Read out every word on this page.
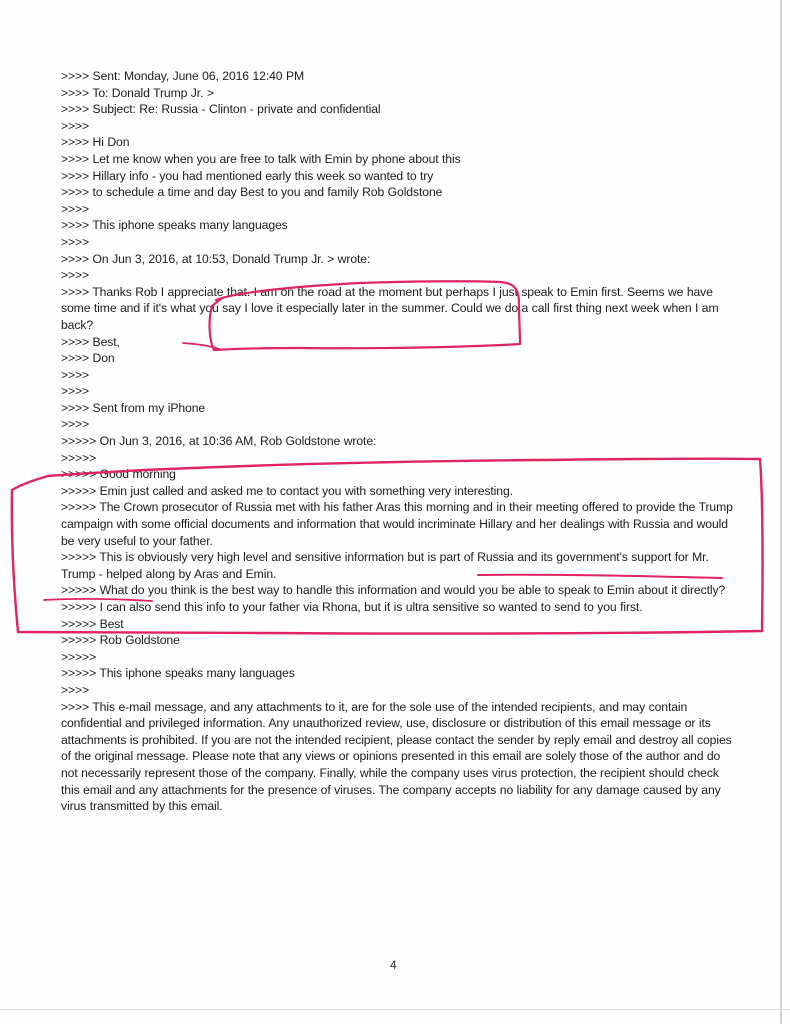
>>>> Sent: Monday, June 06, 2016 12:40 PM
>>>> To: Donald Trump Jr. >
>>>> Subject: Re: Russia - Clinton - private and confidential
>>>>
>>>> Hi Don
>>>> Let me know when you are free to talk with Emin by phone about this
>>>> Hillary info - you had mentioned early this week so wanted to try
>>>> to schedule a time and day Best to you and family Rob Goldstone
>>>>
>>>> This iphone speaks many languages
>>>>
>>>> On Jun 3, 2016, at 10:53, Donald Trump Jr. > wrote:
>>>>
>>>> Thanks Rob I appreciate that. I am on the road at the moment but perhaps I just speak to Emin first. Seems we have some time and if it's what you say I love it especially later in the summer. Could we do a call first thing next week when I am back?
>>>> Best,
>>>> Don
>>>>
>>>>
>>>> Sent from my iPhone
>>>>
>>>>> On Jun 3, 2016, at 10:36 AM, Rob Goldstone wrote:
>>>>>
>>>>> Good morning
>>>>> Emin just called and asked me to contact you with something very interesting.
>>>>> The Crown prosecutor of Russia met with his father Aras this morning and in their meeting offered to provide the Trump campaign with some official documents and information that would incriminate Hillary and her dealings with Russia and would be very useful to your father.
>>>>> This is obviously very high level and sensitive information but is part of Russia and its government's support for Mr. Trump - helped along by Aras and Emin.
>>>>> What do you think is the best way to handle this information and would you be able to speak to Emin about it directly?
>>>>> I can also send this info to your father via Rhona, but it is ultra sensitive so wanted to send to you first.
>>>>> Best
>>>>> Rob Goldstone
>>>>>
>>>>> This iphone speaks many languages
>>>>
>>>> This e-mail message, and any attachments to it, are for the sole use of the intended recipients, and may contain confidential and privileged information. Any unauthorized review, use, disclosure or distribution of this email message or its attachments is prohibited. If you are not the intended recipient, please contact the sender by reply email and destroy all copies of the original message. Please note that any views or opinions presented in this email are solely those of the author and do not necessarily represent those of the company. Finally, while the company uses virus protection, the recipient should check this email and any attachments for the presence of viruses. The company accepts no liability for any damage caused by any virus transmitted by this email.
4
